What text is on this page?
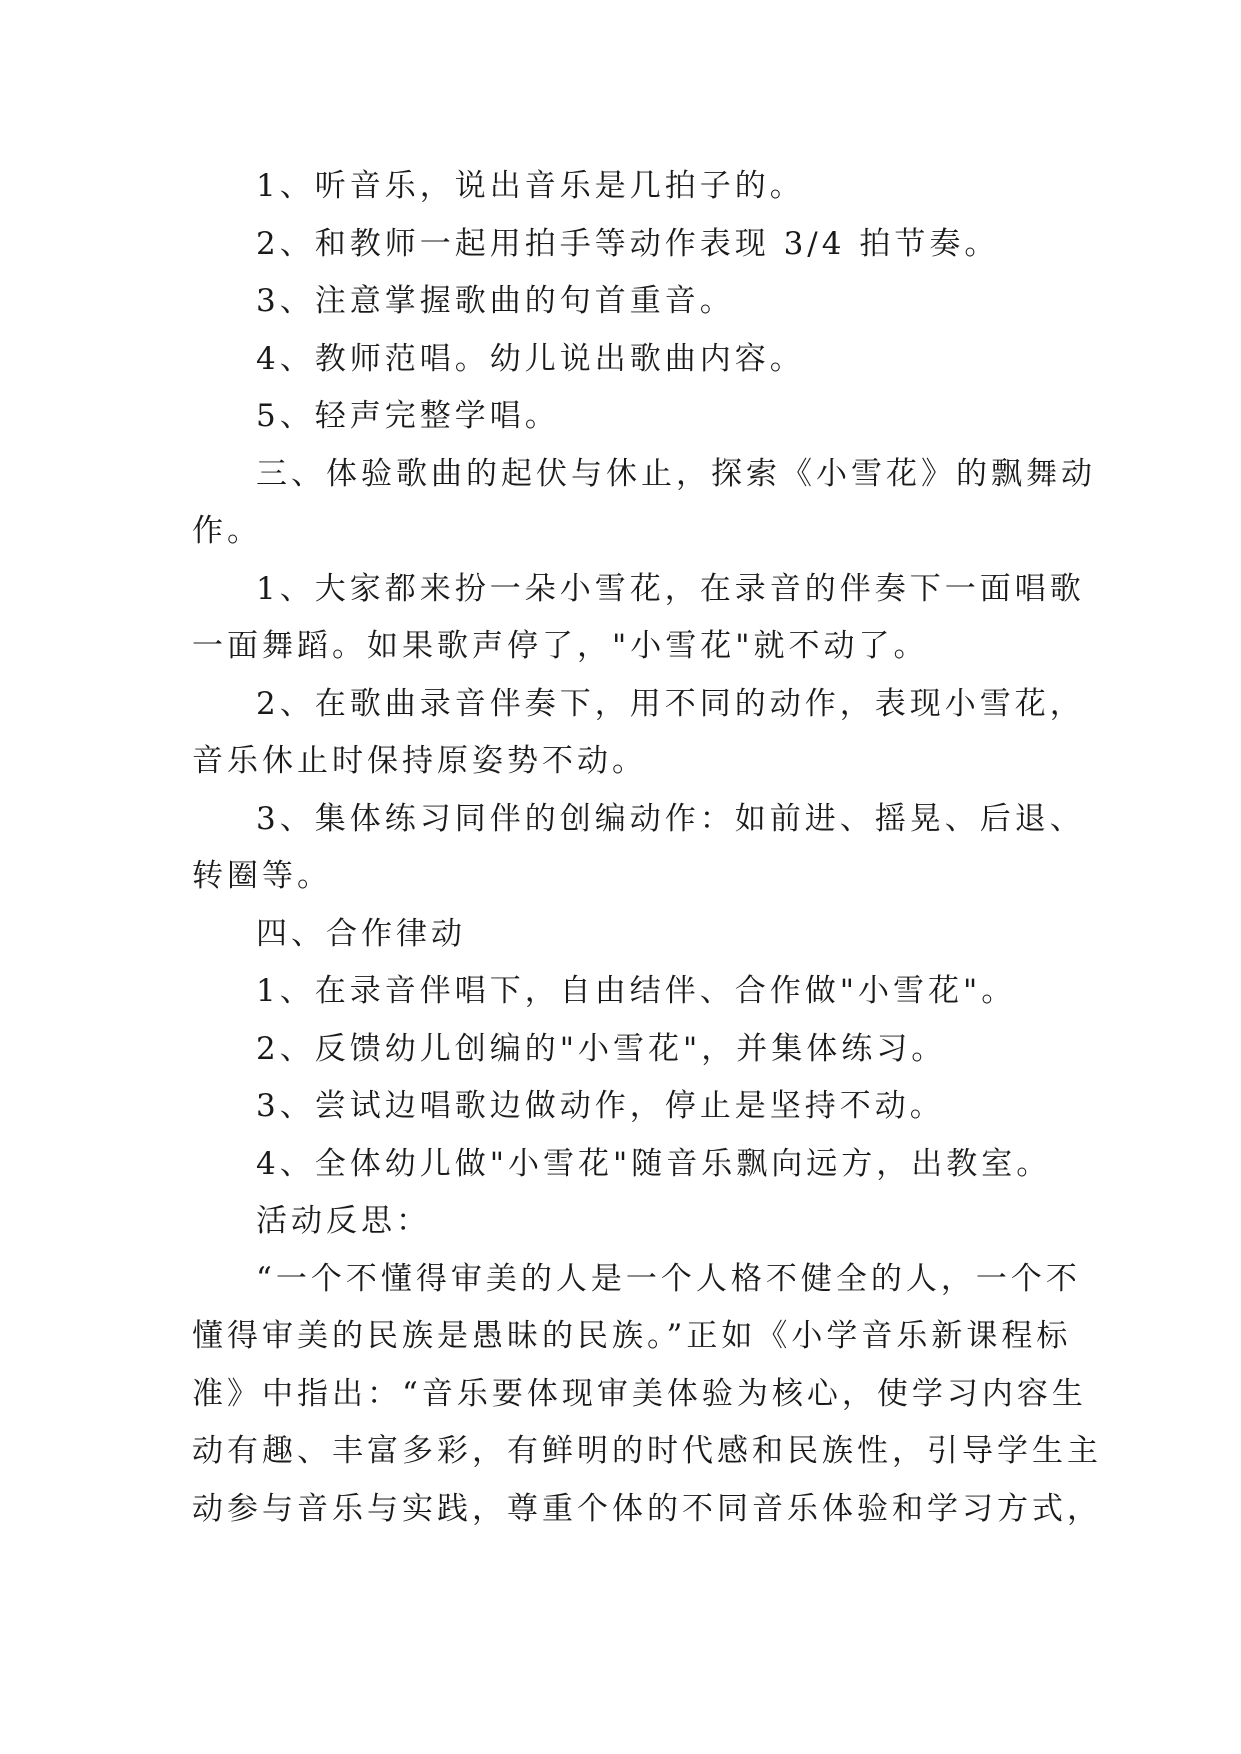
1、听音乐，说出音乐是几拍子的。
2、和教师一起用拍手等动作表现 3/4 拍节奏。
3、注意掌握歌曲的句首重音。
4、教师范唱。幼儿说出歌曲内容。
5、轻声完整学唱。
三、体验歌曲的起伏与休止，探索《小雪花》的飘舞动
作。
1、大家都来扮一朵小雪花，在录音的伴奏下一面唱歌
一面舞蹈。如果歌声停了，"小雪花"就不动了。
2、在歌曲录音伴奏下，用不同的动作，表现小雪花，
音乐休止时保持原姿势不动。
3、集体练习同伴的创编动作：如前进、摇晃、后退、
转圈等。
四、合作律动
1、在录音伴唱下，自由结伴、合作做"小雪花"。
2、反馈幼儿创编的"小雪花"，并集体练习。
3、尝试边唱歌边做动作，停止是坚持不动。
4、全体幼儿做"小雪花"随音乐飘向远方，出教室。
活动反思：
“一个不懂得审美的人是一个人格不健全的人，一个不
懂得审美的民族是愚昧的民族。”正如《小学音乐新课程标
准》中指出：“音乐要体现审美体验为核心，使学习内容生
动有趣、丰富多彩，有鲜明的时代感和民族性，引导学生主
动参与音乐与实践，尊重个体的不同音乐体验和学习方式，
